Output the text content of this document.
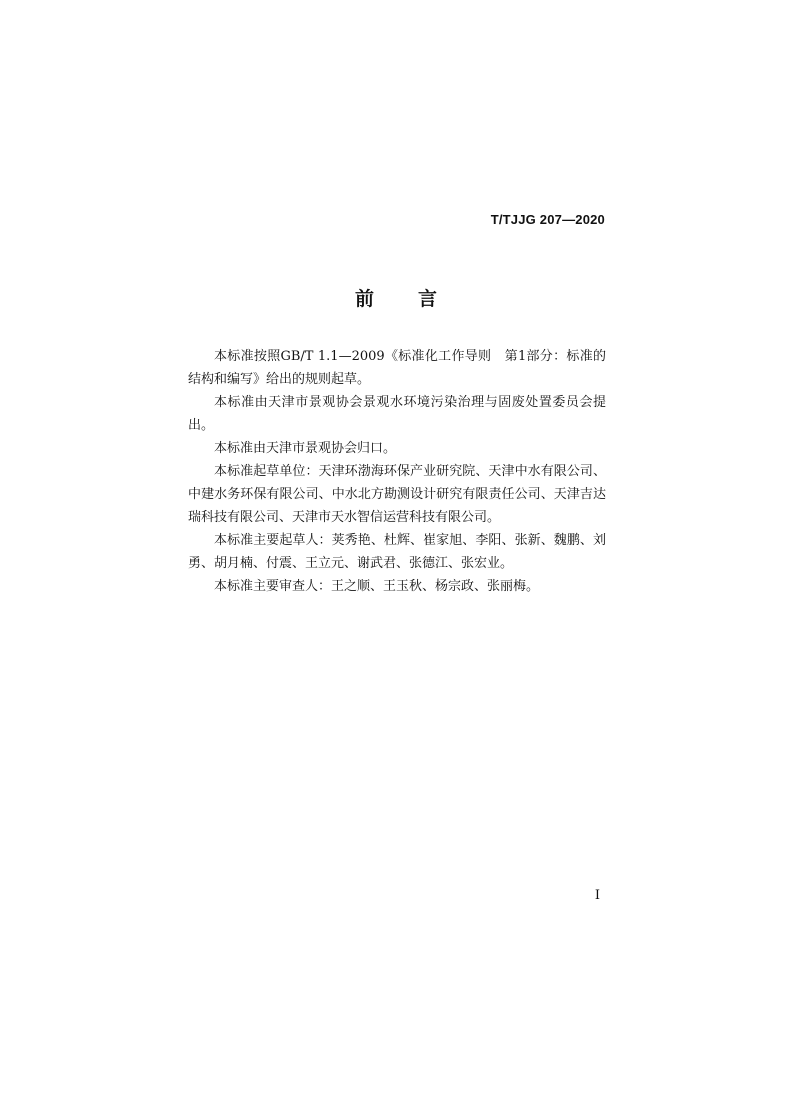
T/TJJG 207—2020
前言

本标准按照GB/T 1.1—2009《标准化工作导则　第1部分：标准的结构和编写》给出的规则起草。

本标准由天津市景观协会景观水环境污染治理与固废处置委员会提出。

本标准由天津市景观协会归口。

本标准起草单位：天津环渤海环保产业研究院、天津中水有限公司、中建水务环保有限公司、中水北方勘测设计研究有限责任公司、天津吉达瑞科技有限公司、天津市天水智信运营科技有限公司。

本标准主要起草人：荚秀艳、杜辉、崔家旭、李阳、张新、魏鹏、刘勇、胡月楠、付震、王立元、谢武君、张德江、张宏业。

本标准主要审查人：王之顺、王玉秋、杨宗政、张丽梅。

I
